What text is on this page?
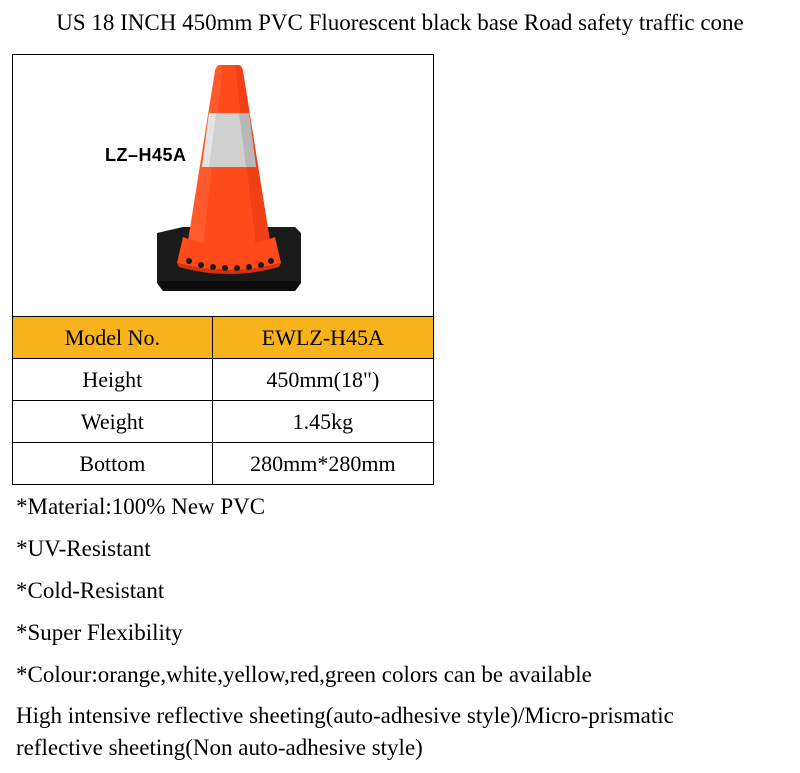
US 18 INCH 450mm PVC Fluorescent black base Road safety traffic cone
LZ–H45A	

Model No.	EWLZ-H45A
Height	450mm(18")
Weight	1.45kg
Bottom	280mm*280mm
*Material:100% New PVC
*UV-Resistant
*Cold-Resistant
*Super Flexibility
*Colour:orange,white,yellow,red,green colors can be available
High intensive reflective sheeting(auto-adhesive style)/Micro-prismatic reflective sheeting(Non auto-adhesive style)
